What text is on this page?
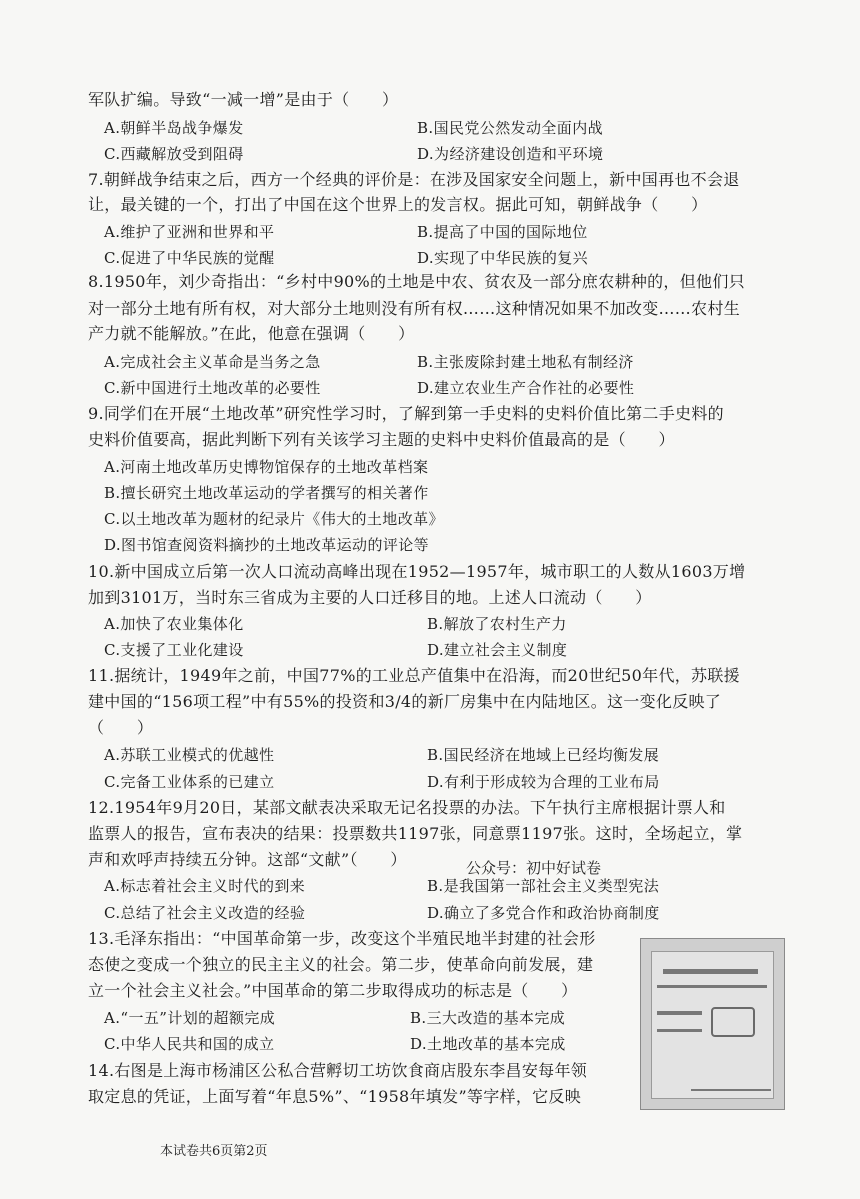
军队扩编。导致“一减一增”是由于（　　）
A.朝鲜半岛战争爆发	B.国民党公然发动全面内战
C.西藏解放受到阻碍	D.为经济建设创造和平环境
7.朝鲜战争结束之后，西方一个经典的评价是：在涉及国家安全问题上，新中国再也不会退
让，最关键的一个，打出了中国在这个世界上的发言权。据此可知，朝鲜战争（　　）
A.维护了亚洲和世界和平	B.提高了中国的国际地位
C.促进了中华民族的觉醒	D.实现了中华民族的复兴
8.1950年，刘少奇指出：“乡村中90%的土地是中农、贫农及一部分庶农耕种的，但他们只
对一部分土地有所有权，对大部分土地则没有所有权……这种情况如果不加改变……农村生
产力就不能解放。”在此，他意在强调（　　）
A.完成社会主义革命是当务之急	B.主张废除封建土地私有制经济
C.新中国进行土地改革的必要性	D.建立农业生产合作社的必要性
9.同学们在开展“土地改革”研究性学习时，了解到第一手史料的史料价值比第二手史料的
史料价值要高，据此判断下列有关该学习主题的史料中史料价值最高的是（　　）
A.河南土地改革历史博物馆保存的土地改革档案
B.擅长研究土地改革运动的学者撰写的相关著作
C.以土地改革为题材的纪录片《伟大的土地改革》
D.图书馆查阅资料摘抄的土地改革运动的评论等
10.新中国成立后第一次人口流动高峰出现在1952—1957年，城市职工的人数从1603万增
加到3101万，当时东三省成为主要的人口迁移目的地。上述人口流动（　　）
A.加快了农业集体化	B.解放了农村生产力
C.支援了工业化建设	D.建立社会主义制度
11.据统计，1949年之前，中国77%的工业总产值集中在沿海，而20世纪50年代，苏联援
建中国的“156项工程”中有55%的投资和3/4的新厂房集中在内陆地区。这一变化反映了
（　　）
A.苏联工业模式的优越性	B.国民经济在地域上已经均衡发展
C.完备工业体系的已建立	D.有利于形成较为合理的工业布局
12.1954年9月20日，某部文献表决采取无记名投票的办法。下午执行主席根据计票人和
监票人的报告，宣布表决的结果：投票数共1197张，同意票1197张。这时，全场起立，掌
声和欢呼声持续五分钟。这部“文献”（　　）	公众号：初中好试卷
A.标志着社会主义时代的到来	B.是我国第一部社会主义类型宪法
C.总结了社会主义改造的经验	D.确立了多党合作和政治协商制度
13.毛泽东指出：“中国革命第一步，改变这个半殖民地半封建的社会形
态使之变成一个独立的民主主义的社会。第二步，使革命向前发展，建
立一个社会主义社会。”中国革命的第二步取得成功的标志是（　　）
A.“一五”计划的超额完成	B.三大改造的基本完成
C.中华人民共和国的成立	D.土地改革的基本完成
14.右图是上海市杨浦区公私合营孵切工坊饮食商店股东李昌安每年领
取定息的凭证，上面写着“年息5%”、“1958年填发”等字样，它反映
本试卷共6页第2页
